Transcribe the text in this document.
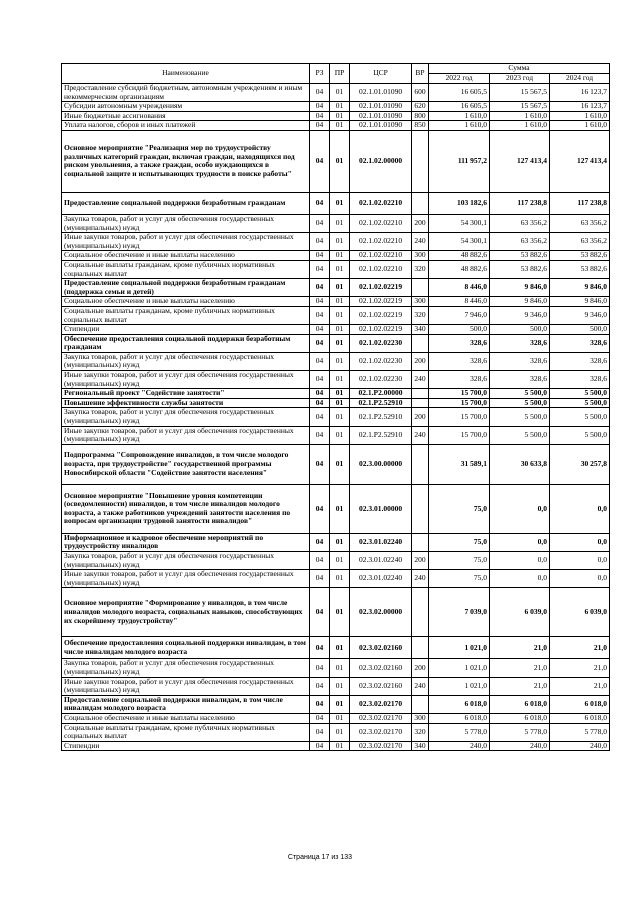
Наименование	РЗ	ПР	ЦСР	ВР	Сумма		
					2022 год	2023 год	2024 год
Предоставление субсидий бюджетным, автономным учреждениям и иным некоммерческим организациям	04	01	02.1.01.01090	600	16 605,5	15 567,5	16 123,7
Субсидии автономным учреждениям	04	01	02.1.01.01090	620	16 605,5	15 567,5	16 123,7
Иные бюджетные ассигнования	04	01	02.1.01.01090	800	1 610,0	1 610,0	1 610,0
Уплата налогов, сборов и иных платежей	04	01	02.1.01.01090	850	1 610,0	1 610,0	1 610,0
Основное мероприятие "Реализация мер по трудоустройству различных категорий граждан, включая граждан, находящихся под риском увольнения, а также граждан, особо нуждающихся в социальной защите и испытывающих трудности в поиске работы"	04	01	02.1.02.00000		111 957,2	127 413,4	127 413,4
Предоставление социальной поддержки безработным гражданам	04	01	02.1.02.02210		103 182,6	117 238,8	117 238,8
Закупка товаров, работ и услуг для обеспечения государственных (муниципальных) нужд	04	01	02.1.02.02210	200	54 300,1	63 356,2	63 356,2
Иные закупки товаров, работ и услуг для обеспечения государственных (муниципальных) нужд	04	01	02.1.02.02210	240	54 300,1	63 356,2	63 356,2
Социальное обеспечение и иные выплаты населению	04	01	02.1.02.02210	300	48 882,6	53 882,6	53 882,6
Социальные выплаты гражданам, кроме публичных нормативных социальных выплат	04	01	02.1.02.02210	320	48 882,6	53 882,6	53 882,6
Предоставление социальной поддержки безработным гражданам (поддержка семьи и детей)	04	01	02.1.02.02219		8 446,0	9 846,0	9 846,0
Социальное обеспечение и иные выплаты населению	04	01	02.1.02.02219	300	8 446,0	9 846,0	9 846,0
Социальные выплаты гражданам, кроме публичных нормативных социальных выплат	04	01	02.1.02.02219	320	7 946,0	9 346,0	9 346,0
Стипендии	04	01	02.1.02.02219	340	500,0	500,0	500,0
Обеспечение предоставления социальной поддержки безработным гражданам	04	01	02.1.02.02230		328,6	328,6	328,6
Закупка товаров, работ и услуг для обеспечения государственных (муниципальных) нужд	04	01	02.1.02.02230	200	328,6	328,6	328,6
Иные закупки товаров, работ и услуг для обеспечения государственных (муниципальных) нужд	04	01	02.1.02.02230	240	328,6	328,6	328,6
Региональный проект "Содействие занятости"	04	01	02.1.Р2.00000		15 700,0	5 500,0	5 500,0
Повышение эффективности службы занятости	04	01	02.1.Р2.52910		15 700,0	5 500,0	5 500,0
Закупка товаров, работ и услуг для обеспечения государственных (муниципальных) нужд	04	01	02.1.Р2.52910	200	15 700,0	5 500,0	5 500,0
Иные закупки товаров, работ и услуг для обеспечения государственных (муниципальных) нужд	04	01	02.1.Р2.52910	240	15 700,0	5 500,0	5 500,0
Подпрограмма "Сопровождение инвалидов, в том числе молодого возраста, при трудоустройстве" государственной программы Новосибирской области "Содействие занятости населения"	04	01	02.3.00.00000		31 589,1	30 633,8	30 257,8
Основное мероприятие "Повышение уровня компетенции (осведомленности) инвалидов, в том числе инвалидов молодого возраста, а также работников учреждений занятости населения по вопросам организации трудовой занятости инвалидов"	04	01	02.3.01.00000		75,0	0,0	0,0
Информационное и кадровое обеспечение мероприятий по трудоустройству инвалидов	04	01	02.3.01.02240		75,0	0,0	0,0
Закупка товаров, работ и услуг для обеспечения государственных (муниципальных) нужд	04	01	02.3.01.02240	200	75,0	0,0	0,0
Иные закупки товаров, работ и услуг для обеспечения государственных (муниципальных) нужд	04	01	02.3.01.02240	240	75,0	0,0	0,0
Основное мероприятие "Формирование у инвалидов, в том числе инвалидов молодого возраста, социальных навыков, способствующих их скорейшему трудоустройству"	04	01	02.3.02.00000		7 039,0	6 039,0	6 039,0
Обеспечение предоставления социальной поддержки инвалидам, в том числе инвалидам молодого возраста	04	01	02.3.02.02160		1 021,0	21,0	21,0
Закупка товаров, работ и услуг для обеспечения государственных (муниципальных) нужд	04	01	02.3.02.02160	200	1 021,0	21,0	21,0
Иные закупки товаров, работ и услуг для обеспечения государственных (муниципальных) нужд	04	01	02.3.02.02160	240	1 021,0	21,0	21,0
Предоставление социальной поддержки инвалидам, в том числе инвалидам молодого возраста	04	01	02.3.02.02170		6 018,0	6 018,0	6 018,0
Социальное обеспечение и иные выплаты населению	04	01	02.3.02.02170	300	6 018,0	6 018,0	6 018,0
Социальные выплаты гражданам, кроме публичных нормативных социальных выплат	04	01	02.3.02.02170	320	5 778,0	5 778,0	5 778,0
Стипендии	04	01	02.3.02.02170	340	240,0	240,0	240,0
Страница 17 из 133
